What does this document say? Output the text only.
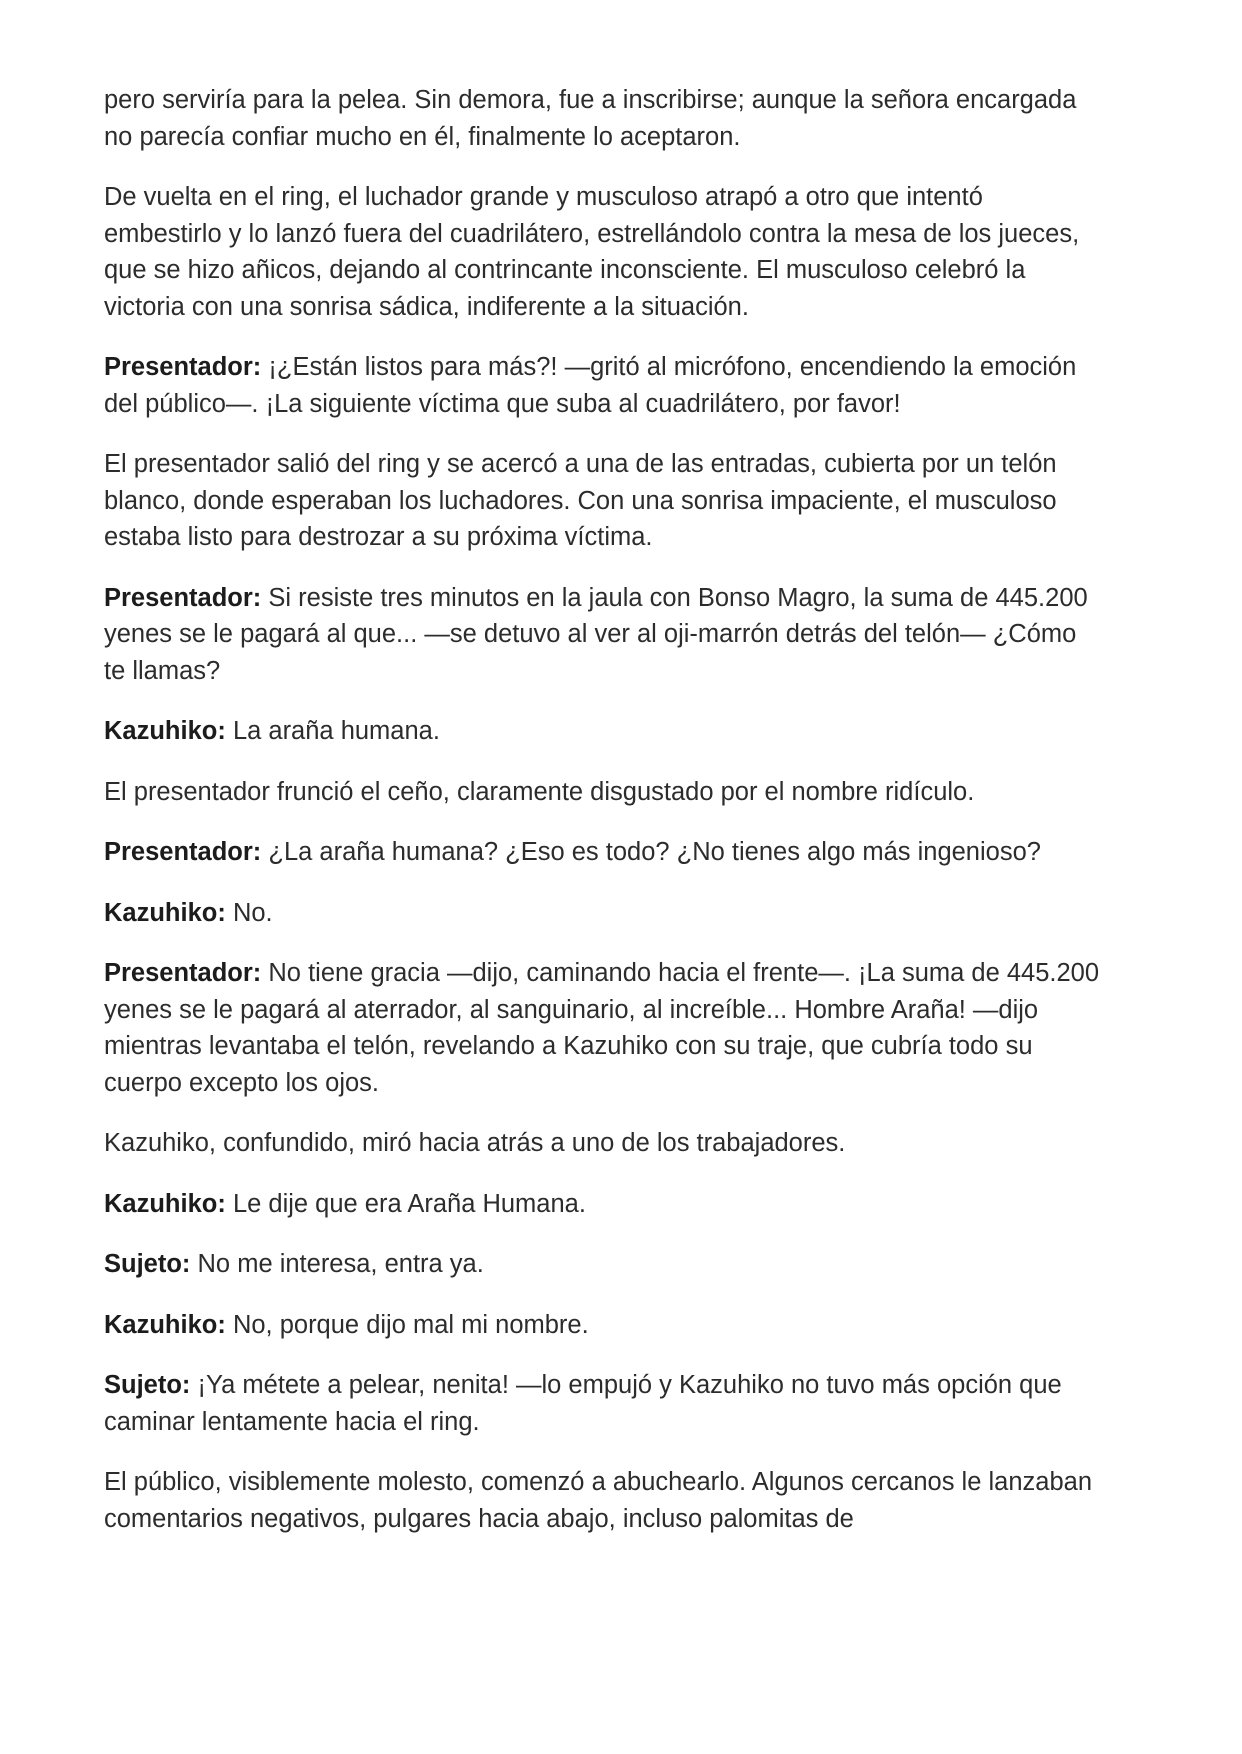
pero serviría para la pelea. Sin demora, fue a inscribirse; aunque la señora encargada no parecía confiar mucho en él, finalmente lo aceptaron.

De vuelta en el ring, el luchador grande y musculoso atrapó a otro que intentó embestirlo y lo lanzó fuera del cuadrilátero, estrellándolo contra la mesa de los jueces, que se hizo añicos, dejando al contrincante inconsciente. El musculoso celebró la victoria con una sonrisa sádica, indiferente a la situación.

Presentador: ¡¿Están listos para más?! —gritó al micrófono, encendiendo la emoción del público—. ¡La siguiente víctima que suba al cuadrilátero, por favor!

El presentador salió del ring y se acercó a una de las entradas, cubierta por un telón blanco, donde esperaban los luchadores. Con una sonrisa impaciente, el musculoso estaba listo para destrozar a su próxima víctima.

Presentador: Si resiste tres minutos en la jaula con Bonso Magro, la suma de 445.200 yenes se le pagará al que... —se detuvo al ver al oji-marrón detrás del telón— ¿Cómo te llamas?

Kazuhiko: La araña humana.

El presentador frunció el ceño, claramente disgustado por el nombre ridículo.

Presentador: ¿La araña humana? ¿Eso es todo? ¿No tienes algo más ingenioso?

Kazuhiko: No.

Presentador: No tiene gracia —dijo, caminando hacia el frente—. ¡La suma de 445.200 yenes se le pagará al aterrador, al sanguinario, al increíble... Hombre Araña! —dijo mientras levantaba el telón, revelando a Kazuhiko con su traje, que cubría todo su cuerpo excepto los ojos.

Kazuhiko, confundido, miró hacia atrás a uno de los trabajadores.

Kazuhiko: Le dije que era Araña Humana.

Sujeto: No me interesa, entra ya.

Kazuhiko: No, porque dijo mal mi nombre.

Sujeto: ¡Ya métete a pelear, nenita! —lo empujó y Kazuhiko no tuvo más opción que caminar lentamente hacia el ring.

El público, visiblemente molesto, comenzó a abuchearlo. Algunos cercanos le lanzaban comentarios negativos, pulgares hacia abajo, incluso palomitas de
